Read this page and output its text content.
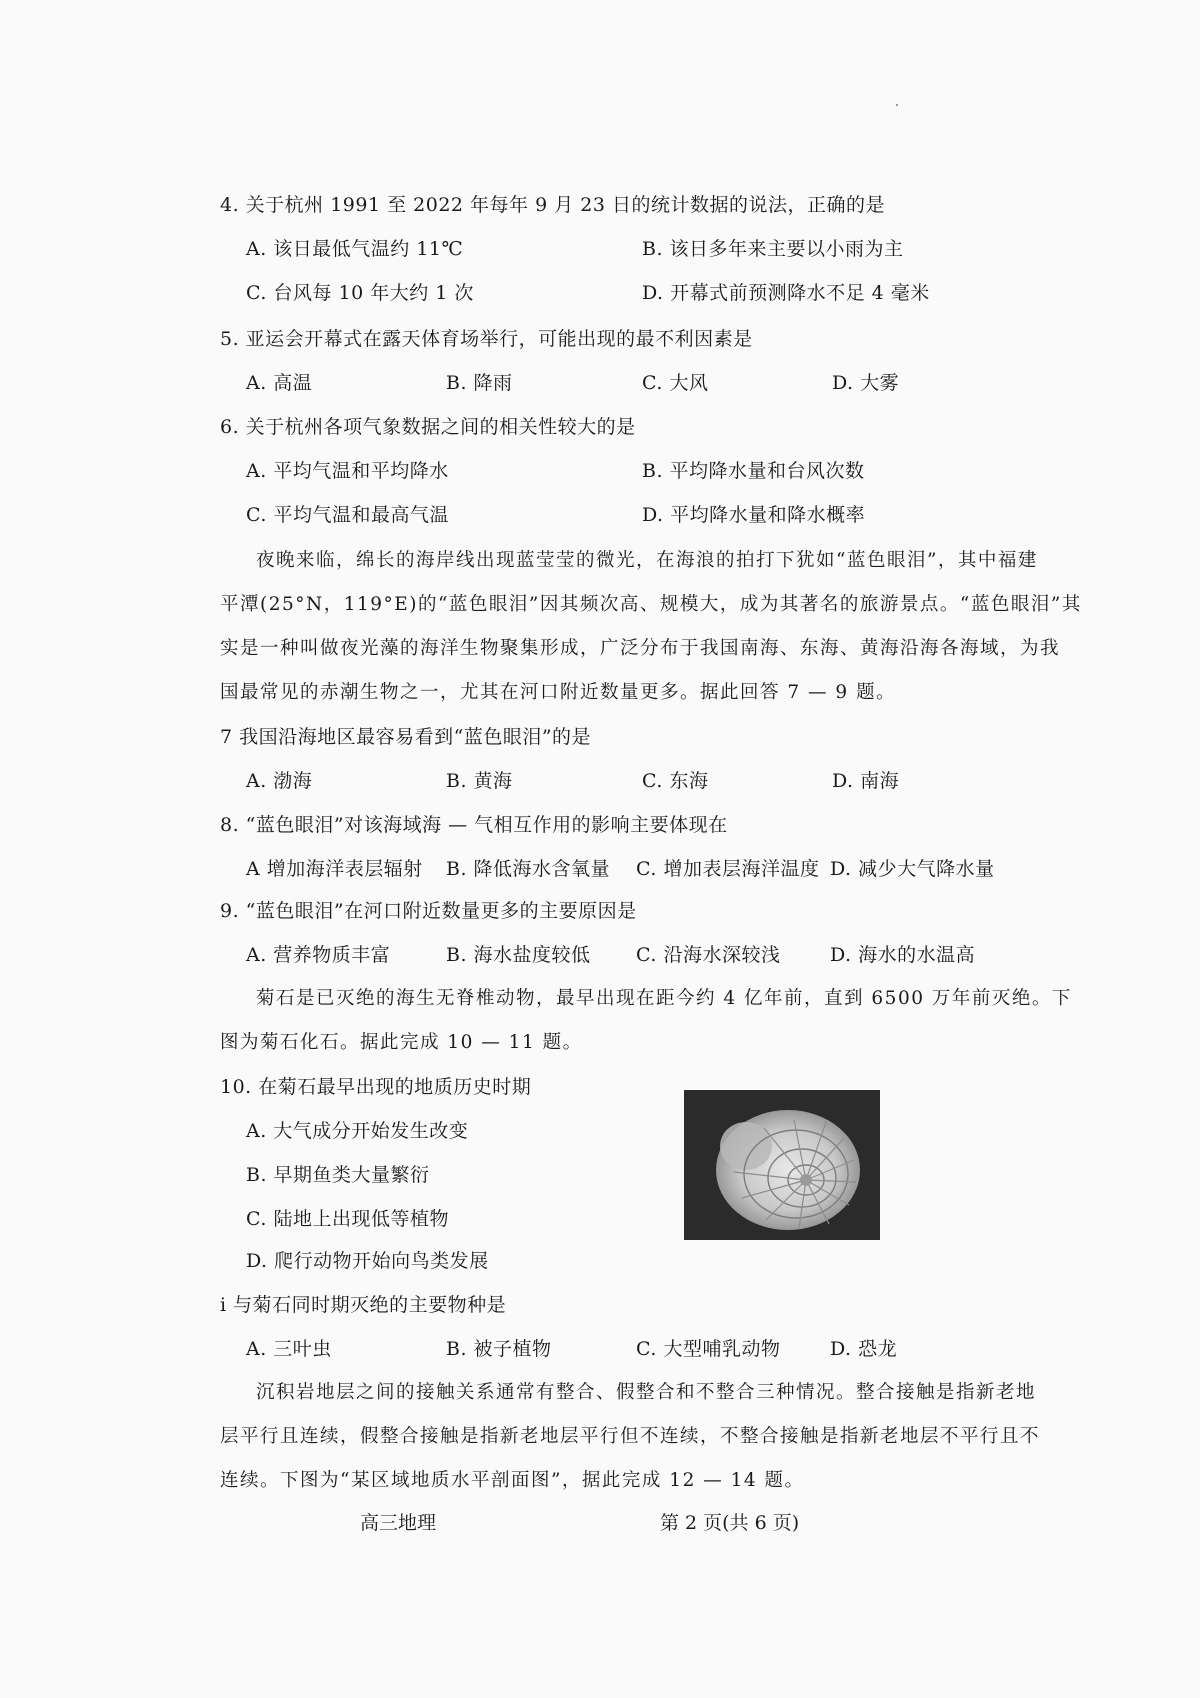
4. 关于杭州 1991 至 2022 年每年 9 月 23 日的统计数据的说法，正确的是
A. 该日最低气温约 11℃	B. 该日多年来主要以小雨为主
C. 台风每 10 年大约 1 次	D. 开幕式前预测降水不足 4 毫米
5. 亚运会开幕式在露天体育场举行，可能出现的最不利因素是
A. 高温	B. 降雨	C. 大风	D. 大雾
6. 关于杭州各项气象数据之间的相关性较大的是
A. 平均气温和平均降水	B. 平均降水量和台风次数
C. 平均气温和最高气温	D. 平均降水量和降水概率
夜晚来临，绵长的海岸线出现蓝莹莹的微光，在海浪的拍打下犹如“蓝色眼泪”，其中福建
平潭(25°N，119°E)的“蓝色眼泪”因其频次高、规模大，成为其著名的旅游景点。“蓝色眼泪”其
实是一种叫做夜光藻的海洋生物聚集形成，广泛分布于我国南海、东海、黄海沿海各海域，为我
国最常见的赤潮生物之一，尤其在河口附近数量更多。据此回答 7 — 9 题。
7 我国沿海地区最容易看到“蓝色眼泪”的是
A. 渤海	B. 黄海	C. 东海	D. 南海
8. “蓝色眼泪”对该海域海 — 气相互作用的影响主要体现在
A 增加海洋表层辐射 B. 降低海水含氧量 C. 增加表层海洋温度 D. 减少大气降水量
9. “蓝色眼泪”在河口附近数量更多的主要原因是
A. 营养物质丰富	B. 海水盐度较低 C. 沿海水深较浅	D. 海水的水温高
菊石是已灭绝的海生无脊椎动物，最早出现在距今约 4 亿年前，直到 6500 万年前灭绝。下
图为菊石化石。据此完成 10 — 11 题。
10. 在菊石最早出现的地质历史时期
A. 大气成分开始发生改变
B. 早期鱼类大量繁衍
C. 陆地上出现低等植物
D. 爬行动物开始向鸟类发展
i 与菊石同时期灭绝的主要物种是
A. 三叶虫	B. 被子植物	C. 大型哺乳动物	D. 恐龙
沉积岩地层之间的接触关系通常有整合、假整合和不整合三种情况。整合接触是指新老地
层平行且连续，假整合接触是指新老地层平行但不连续，不整合接触是指新老地层不平行且不
连续。下图为“某区域地质水平剖面图”，据此完成 12 — 14 题。
高三地理	第 2 页(共 6 页)
